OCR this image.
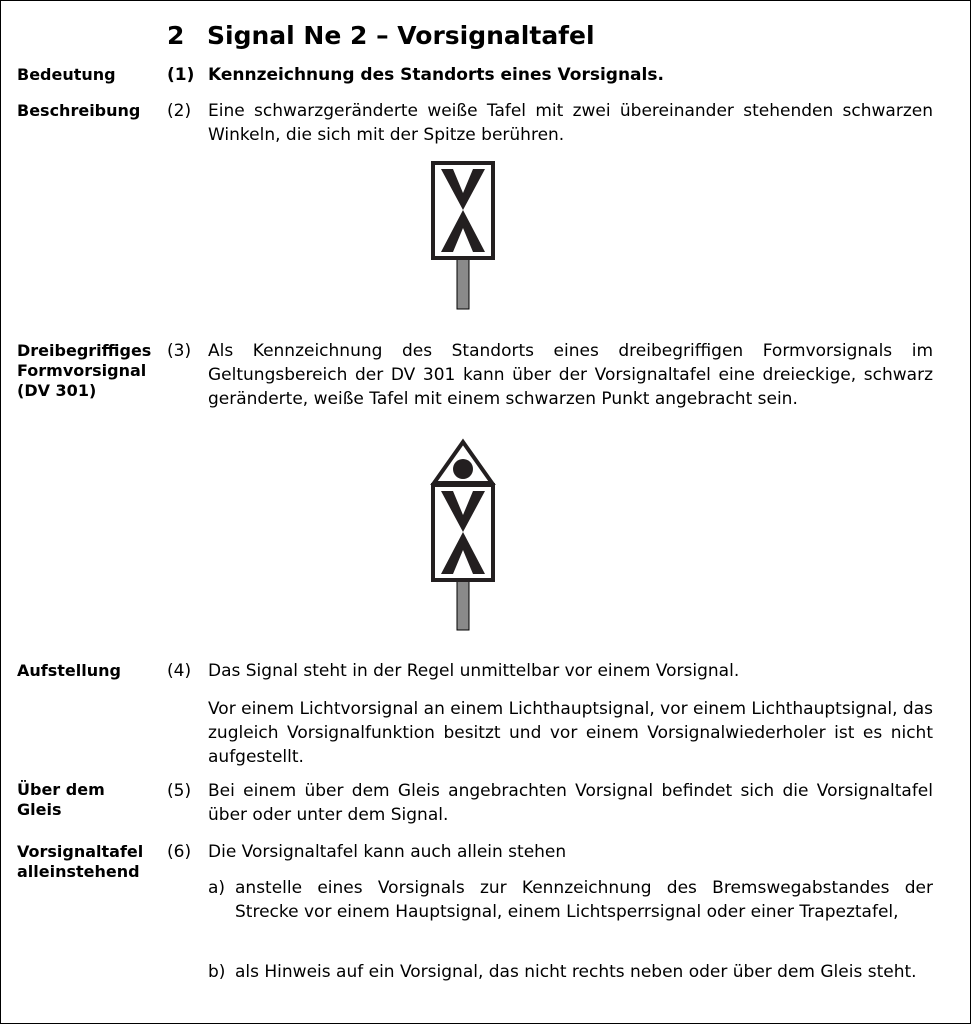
2 Signal Ne 2 – Vorsignaltafel
Bedeutung	(1) Kennzeichnung des Standorts eines Vorsignals.
Beschreibung (2) Eine schwarzgeränderte weiße Tafel mit zwei übereinander stehenden schwarzen Winkeln, die sich mit der Spitze berühren.
Dreibegriffiges
Formvorsignal
(DV 301)
(3) Als Kennzeichnung des Standorts eines dreibegriffigen Formvorsignals im Geltungsbereich der DV 301 kann über der Vorsignaltafel eine dreieckige, schwarz geränderte, weiße Tafel mit einem schwarzen Punkt angebracht sein.
Aufstellung	(4) Das Signal steht in der Regel unmittelbar vor einem Vorsignal.
Vor einem Lichtvorsignal an einem Lichthauptsignal, vor einem Lichthauptsignal, das zugleich Vorsignalfunktion besitzt und vor einem Vorsignalwiederholer ist es nicht aufgestellt.
Über dem
Gleis
(5) Bei einem über dem Gleis angebrachten Vorsignal befindet sich die Vorsignaltafel über oder unter dem Signal.
Vorsignaltafel
alleinstehend
(6) Die Vorsignaltafel kann auch allein stehen
a) anstelle eines Vorsignals zur Kennzeichnung des Bremswegabstandes der Strecke vor einem Hauptsignal, einem Lichtsperrsignal oder einer Trapeztafel,
b) als Hinweis auf ein Vorsignal, das nicht rechts neben oder über dem Gleis steht.
